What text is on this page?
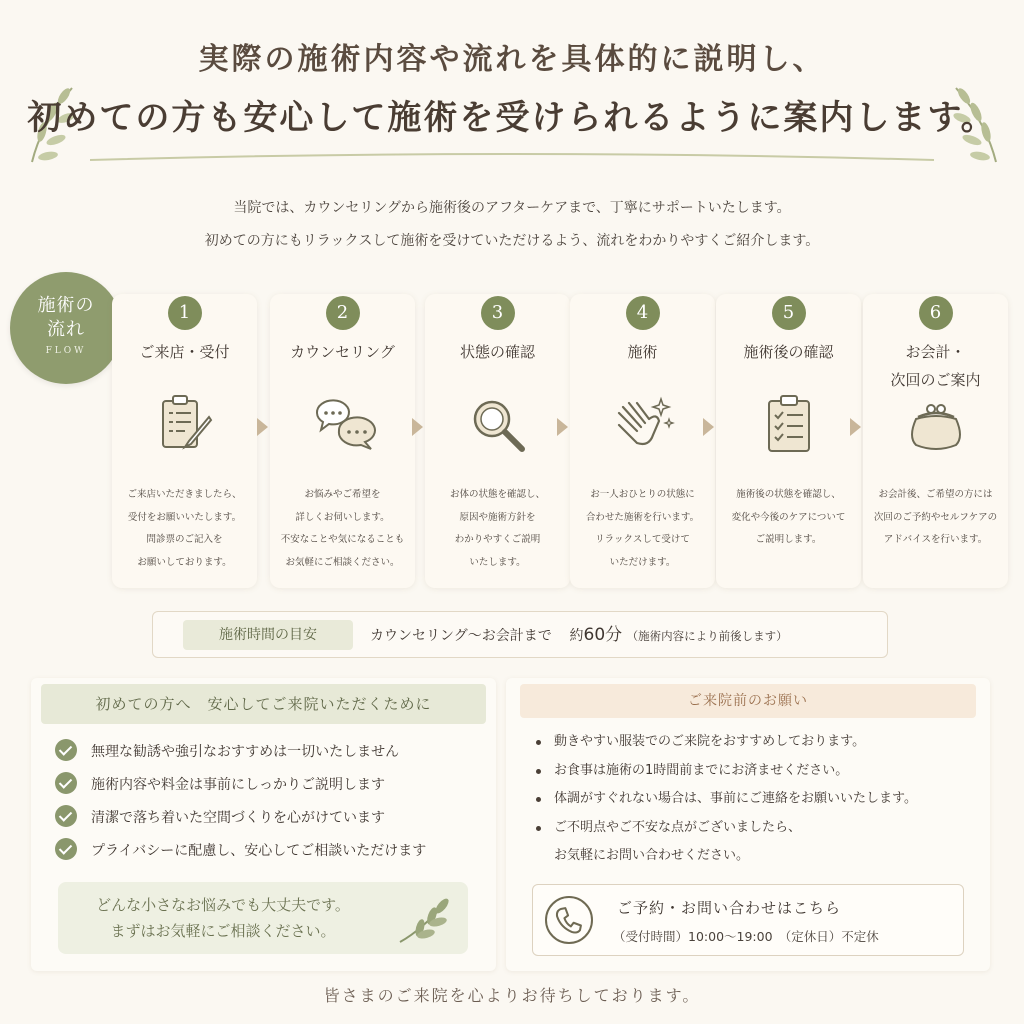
実際の施術内容や流れを具体的に説明し、
初めての方も安心して施術を受けられるように案内します。
当院では、カウンセリングから施術後のアフターケアまで、丁寧にサポートいたします。
初めての方にもリラックスして施術を受けていただけるよう、流れをわかりやすくご紹介します。
施術の
流れ
FLOW
1
ご来店・受付
ご来店いただきましたら、
受付をお願いいたします。
問診票のご記入を
お願いしております。
2
カウンセリング
お悩みやご希望を
詳しくお伺いします。
不安なことや気になることも
お気軽にご相談ください。
3
状態の確認
お体の状態を確認し、
原因や施術方針を
わかりやすくご説明
いたします。
4
施術
お一人おひとりの状態に
合わせた施術を行います。
リラックスして受けて
いただけます。
5
施術後の確認
施術後の状態を確認し、
変化や今後のケアについて
ご説明します。
6
お会計・
次回のご案内
お会計後、ご希望の方には
次回のご予約やセルフケアの
アドバイスを行います。
施術時間の目安	カウンセリング〜お会計まで 約60分 （施術内容により前後します）
初めての方へ　安心してご来院いただくために
無理な勧誘や強引なおすすめは一切いたしません
施術内容や料金は事前にしっかりご説明します
清潔で落ち着いた空間づくりを心がけています
プライバシーに配慮し、安心してご相談いただけます
どんな小さなお悩みでも大丈夫です。
まずはお気軽にご相談ください。
ご来院前のお願い
動きやすい服装でのご来院をおすすめしております。
お食事は施術の1時間前までにお済ませください。
体調がすぐれない場合は、事前にご連絡をお願いいたします。
ご不明点やご不安な点がございましたら、
お気軽にお問い合わせください。
ご予約・お問い合わせはこちら
（受付時間）10:00〜19:00　（定休日）不定休
皆さまのご来院を心よりお待ちしております。
